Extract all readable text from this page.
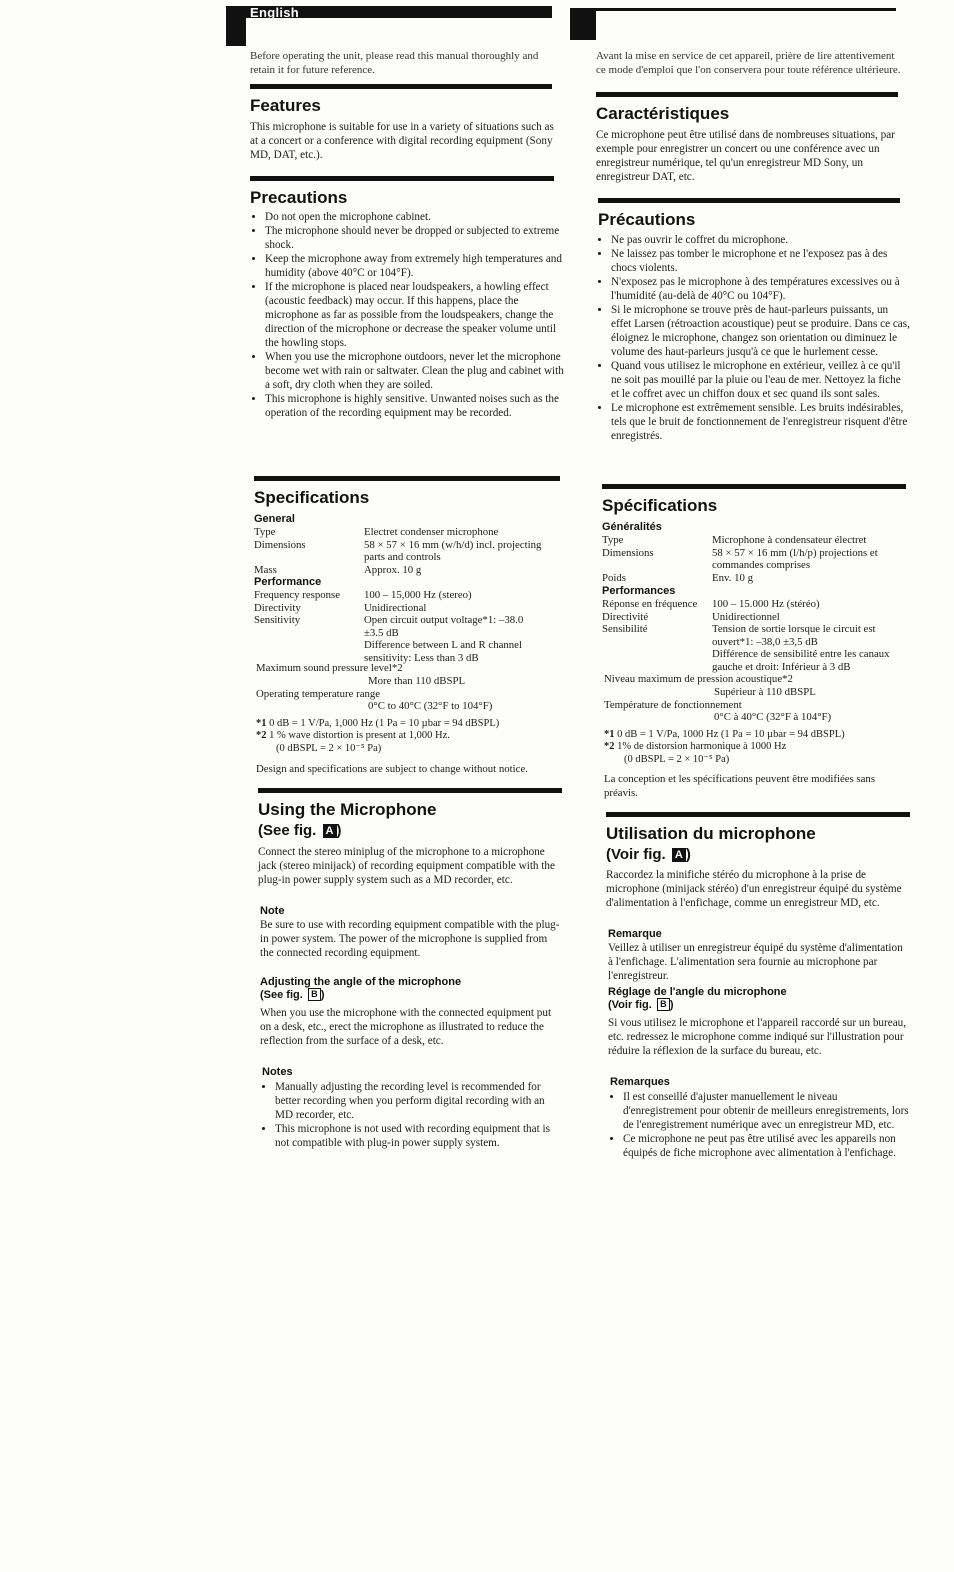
English

Before operating the unit, please read this manual thoroughly and retain it for future reference.

Features

This microphone is suitable for use in a variety of situations such as at a concert or a conference with digital recording equipment (Sony MD, DAT, etc.).

Precautions
• Do not open the microphone cabinet.
• The microphone should never be dropped or subjected to extreme shock.
• Keep the microphone away from extremely high temperatures and humidity (above 40°C or 104°F).
• If the microphone is placed near loudspeakers, a howling effect (acoustic feedback) may occur. If this happens, place the microphone as far as possible from the loudspeakers, change the direction of the microphone or decrease the speaker volume until the howling stops.
• When you use the microphone outdoors, never let the microphone become wet with rain or saltwater. Clean the plug and cabinet with a soft, dry cloth when they are soiled.
• This microphone is highly sensitive. Unwanted noises such as the operation of the recording equipment may be recorded.
Specifications
General
Type	Electret condenser microphone
Dimensions	58 × 57 × 16 mm (w/h/d) incl. projecting parts and controls
Mass	Approx. 10 g
Performance
Frequency response	100 – 15,000 Hz (stereo)
Directivity	Unidirectional
Sensitivity	Open circuit output voltage*1: –38.0 ±3.5 dB
Difference between L and R channel sensitivity: Less than 3 dB
Maximum sound pressure level*2
More than 110 dBSPL
Operating temperature range
0°C to 40°C (32°F to 104°F)
*1 0 dB = 1 V/Pa, 1,000 Hz (1 Pa = 10 µbar = 94 dBSPL)
*2 1 % wave distortion is present at 1,000 Hz.
(0 dBSPL = 2 × 10⁻⁵ Pa)

Design and specifications are subject to change without notice.

Using the Microphone
(See fig. A )

Connect the stereo miniplug of the microphone to a microphone jack (stereo minijack) of recording equipment compatible with the plug-in power supply system such as a MD recorder, etc.

Note

Be sure to use with recording equipment compatible with the plug-in power system. The power of the microphone is supplied from the connected recording equipment.

Adjusting the angle of the microphone
(See fig. B )

When you use the microphone with the connected equipment put on a desk, etc., erect the microphone as illustrated to reduce the reflection from the surface of a desk, etc.

Notes
• Manually adjusting the recording level is recommended for better recording when you perform digital recording with an MD recorder, etc.
• This microphone is not used with recording equipment that is not compatible with plug-in power supply system.

Avant la mise en service de cet appareil, prière de lire attentivement ce mode d'emploi que l'on conservera pour toute référence ultérieure.

Caractéristiques

Ce microphone peut être utilisé dans de nombreuses situations, par exemple pour enregistrer un concert ou une conférence avec un enregistreur numérique, tel qu'un enregistreur MD Sony, un enregistreur DAT, etc.

Précautions
• Ne pas ouvrir le coffret du microphone.
• Ne laissez pas tomber le microphone et ne l'exposez pas à des chocs violents.
• N'exposez pas le microphone à des températures excessives ou à l'humidité (au-delà de 40°C ou 104°F).
• Si le microphone se trouve près de haut-parleurs puissants, un effet Larsen (rétroaction acoustique) peut se produire. Dans ce cas, éloignez le microphone, changez son orientation ou diminuez le volume des haut-parleurs jusqu'à ce que le hurlement cesse.
• Quand vous utilisez le microphone en extérieur, veillez à ce qu'il ne soit pas mouillé par la pluie ou l'eau de mer. Nettoyez la fiche et le coffret avec un chiffon doux et sec quand ils sont sales.
• Le microphone est extrêmement sensible. Les bruits indésirables, tels que le bruit de fonctionnement de l'enregistreur risquent d'être enregistrés.
Spécifications
Généralités
Type	Microphone à condensateur électret
Dimensions	58 × 57 × 16 mm (l/h/p) projections et commandes comprises
Poids	Env. 10 g
Performances
Réponse en fréquence	100 – 15.000 Hz (stéréo)
Directivité	Unidirectionnel
Sensibilité	Tension de sortie lorsque le circuit est ouvert*1: –38,0 ±3,5 dB
Différence de sensibilité entre les canaux gauche et droit: Inférieur à 3 dB
Niveau maximum de pression acoustique*2
Supérieur à 110 dBSPL
Température de fonctionnement
0°C à 40°C (32°F à 104°F)
*1 0 dB = 1 V/Pa, 1000 Hz (1 Pa = 10 µbar = 94 dBSPL)
*2 1% de distorsion harmonique à 1000 Hz
(0 dBSPL = 2 × 10⁻⁵ Pa)

La conception et les spécifications peuvent être modifiées sans préavis.

Utilisation du microphone
(Voir fig. A )

Raccordez la minifiche stéréo du microphone à la prise de microphone (minijack stéréo) d'un enregistreur équipé du système d'alimentation à l'enfichage, comme un enregistreur MD, etc.

Remarque

Veillez à utiliser un enregistreur équipé du système d'alimentation à l'enfichage. L'alimentation sera fournie au microphone par l'enregistreur.

Réglage de l'angle du microphone
(Voir fig. B )

Si vous utilisez le microphone et l'appareil raccordé sur un bureau, etc. redressez le microphone comme indiqué sur l'illustration pour réduire la réflexion de la surface du bureau, etc.

Remarques
• Il est conseillé d'ajuster manuellement le niveau d'enregistrement pour obtenir de meilleurs enregistrements, lors de l'enregistrement numérique avec un enregistreur MD, etc.
• Ce microphone ne peut pas être utilisé avec les appareils non équipés de fiche microphone avec alimentation à l'enfichage.
